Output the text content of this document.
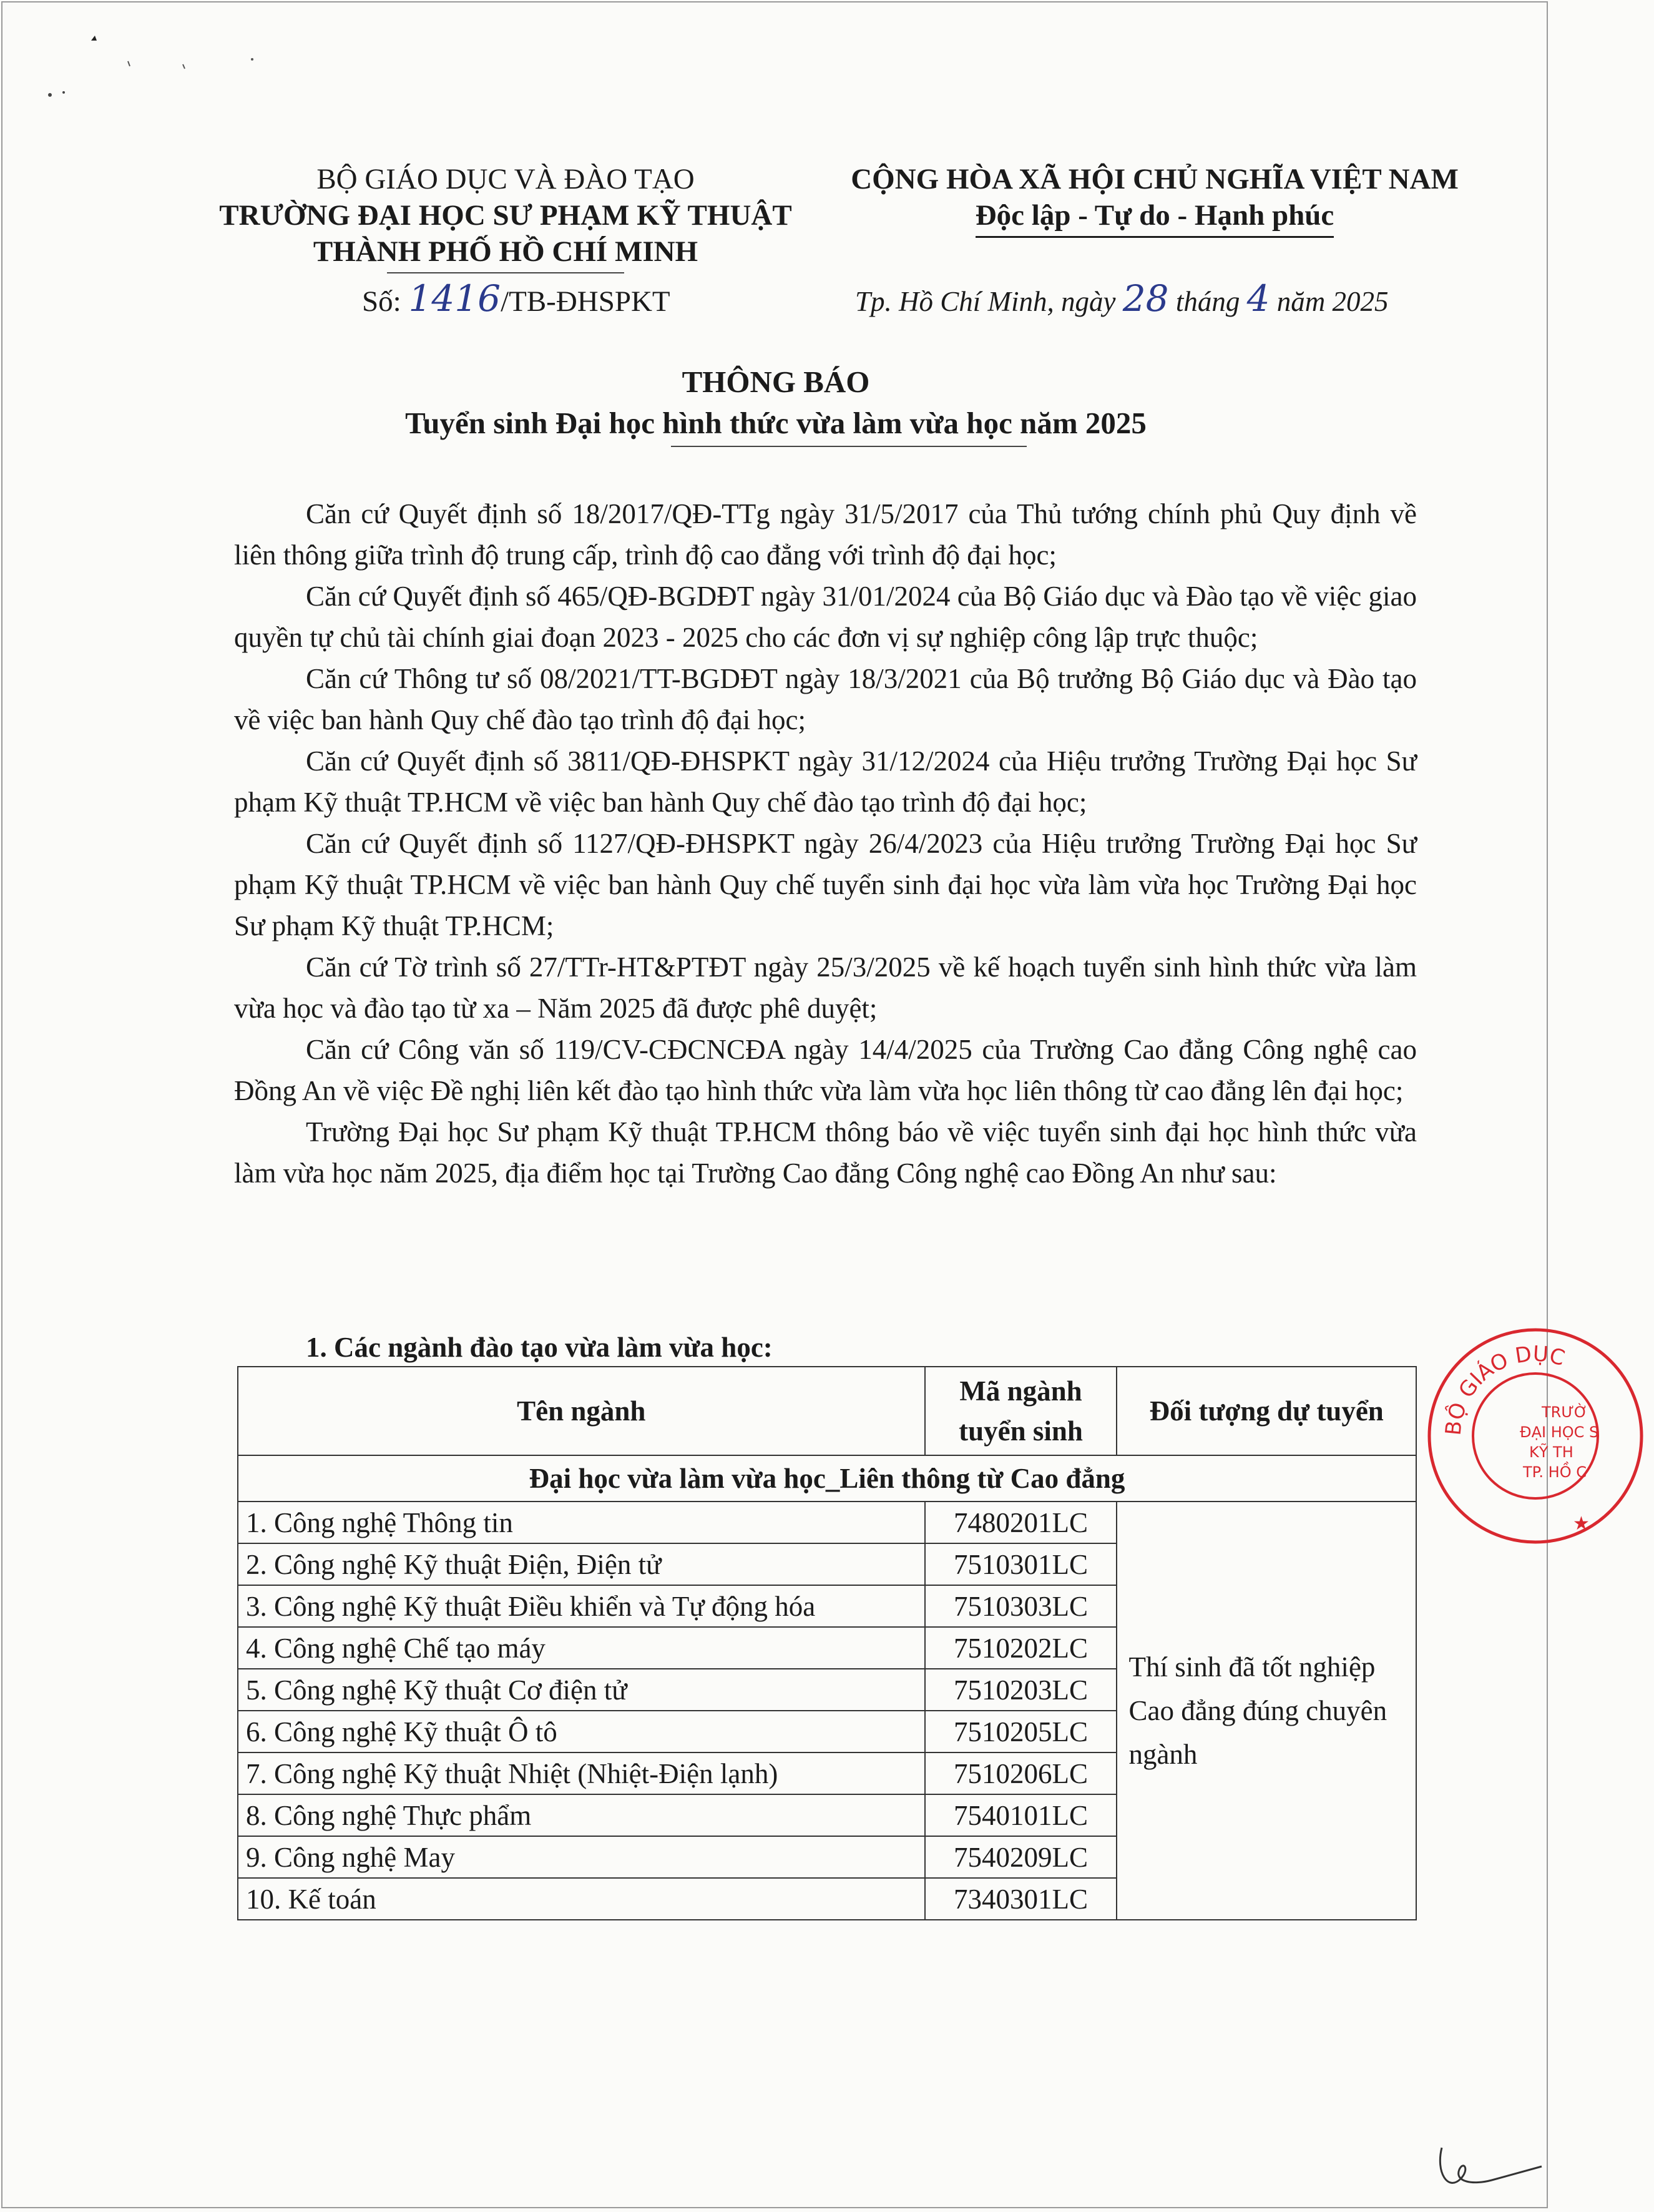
BỘ GIÁO DỤC VÀ ĐÀO TẠO
TRƯỜNG ĐẠI HỌC SƯ PHẠM KỸ THUẬT
THÀNH PHỐ HỒ CHÍ MINH
Số: 1416/TB-ĐHSPKT
CỘNG HÒA XÃ HỘI CHỦ NGHĨA VIỆT NAM
Độc lập - Tự do - Hạnh phúc
Tp. Hồ Chí Minh, ngày 28 tháng 4 năm 2025
THÔNG BÁO
Tuyển sinh Đại học hình thức vừa làm vừa học năm 2025

Căn cứ Quyết định số 18/2017/QĐ-TTg ngày 31/5/2017 của Thủ tướng chính phủ Quy định về liên thông giữa trình độ trung cấp, trình độ cao đẳng với trình độ đại học;

Căn cứ Quyết định số 465/QĐ-BGDĐT ngày 31/01/2024 của Bộ Giáo dục và Đào tạo về việc giao quyền tự chủ tài chính giai đoạn 2023 - 2025 cho các đơn vị sự nghiệp công lập trực thuộc;

Căn cứ Thông tư số 08/2021/TT-BGDĐT ngày 18/3/2021 của Bộ trưởng Bộ Giáo dục và Đào tạo về việc ban hành Quy chế đào tạo trình độ đại học;

Căn cứ Quyết định số 3811/QĐ-ĐHSPKT ngày 31/12/2024 của Hiệu trưởng Trường Đại học Sư phạm Kỹ thuật TP.HCM về việc ban hành Quy chế đào tạo trình độ đại học;

Căn cứ Quyết định số 1127/QĐ-ĐHSPKT ngày 26/4/2023 của Hiệu trưởng Trường Đại học Sư phạm Kỹ thuật TP.HCM về việc ban hành Quy chế tuyển sinh đại học vừa làm vừa học Trường Đại học Sư phạm Kỹ thuật TP.HCM;

Căn cứ Tờ trình số 27/TTr-HT&PTĐT ngày 25/3/2025 về kế hoạch tuyển sinh hình thức vừa làm vừa học và đào tạo từ xa – Năm 2025 đã được phê duyệt;

Căn cứ Công văn số 119/CV-CĐCNCĐA ngày 14/4/2025 của Trường Cao đẳng Công nghệ cao Đồng An về việc Đề nghị liên kết đào tạo hình thức vừa làm vừa học liên thông từ cao đẳng lên đại học;

Trường Đại học Sư phạm Kỹ thuật TP.HCM thông báo về việc tuyển sinh đại học hình thức vừa làm vừa học năm 2025, địa điểm học tại Trường Cao đẳng Công nghệ cao Đồng An như sau:

1. Các ngành đào tạo vừa làm vừa học:
Tên ngành	Mã ngành tuyển sinh	Đối tượng dự tuyển
Đại học vừa làm vừa học_Liên thông từ Cao đẳng		
1. Công nghệ Thông tin	7480201LC	Thí sinh đã tốt nghiệp Cao đẳng đúng chuyên ngành
2. Công nghệ Kỹ thuật Điện, Điện tử	7510301LC	
3. Công nghệ Kỹ thuật Điều khiển và Tự động hóa	7510303LC	
4. Công nghệ Chế tạo máy	7510202LC	
5. Công nghệ Kỹ thuật Cơ điện tử	7510203LC	
6. Công nghệ Kỹ thuật Ô tô	7510205LC	
7. Công nghệ Kỹ thuật Nhiệt (Nhiệt-Điện lạnh)	7510206LC	
8. Công nghệ Thực phẩm	7540101LC	
9. Công nghệ May	7540209LC	
10. Kế toán	7340301LC	
BỘ GIÁO DỤC
TRƯỜ
ĐẠI HỌC S
KỸ TH
TP. HỒ C
★
